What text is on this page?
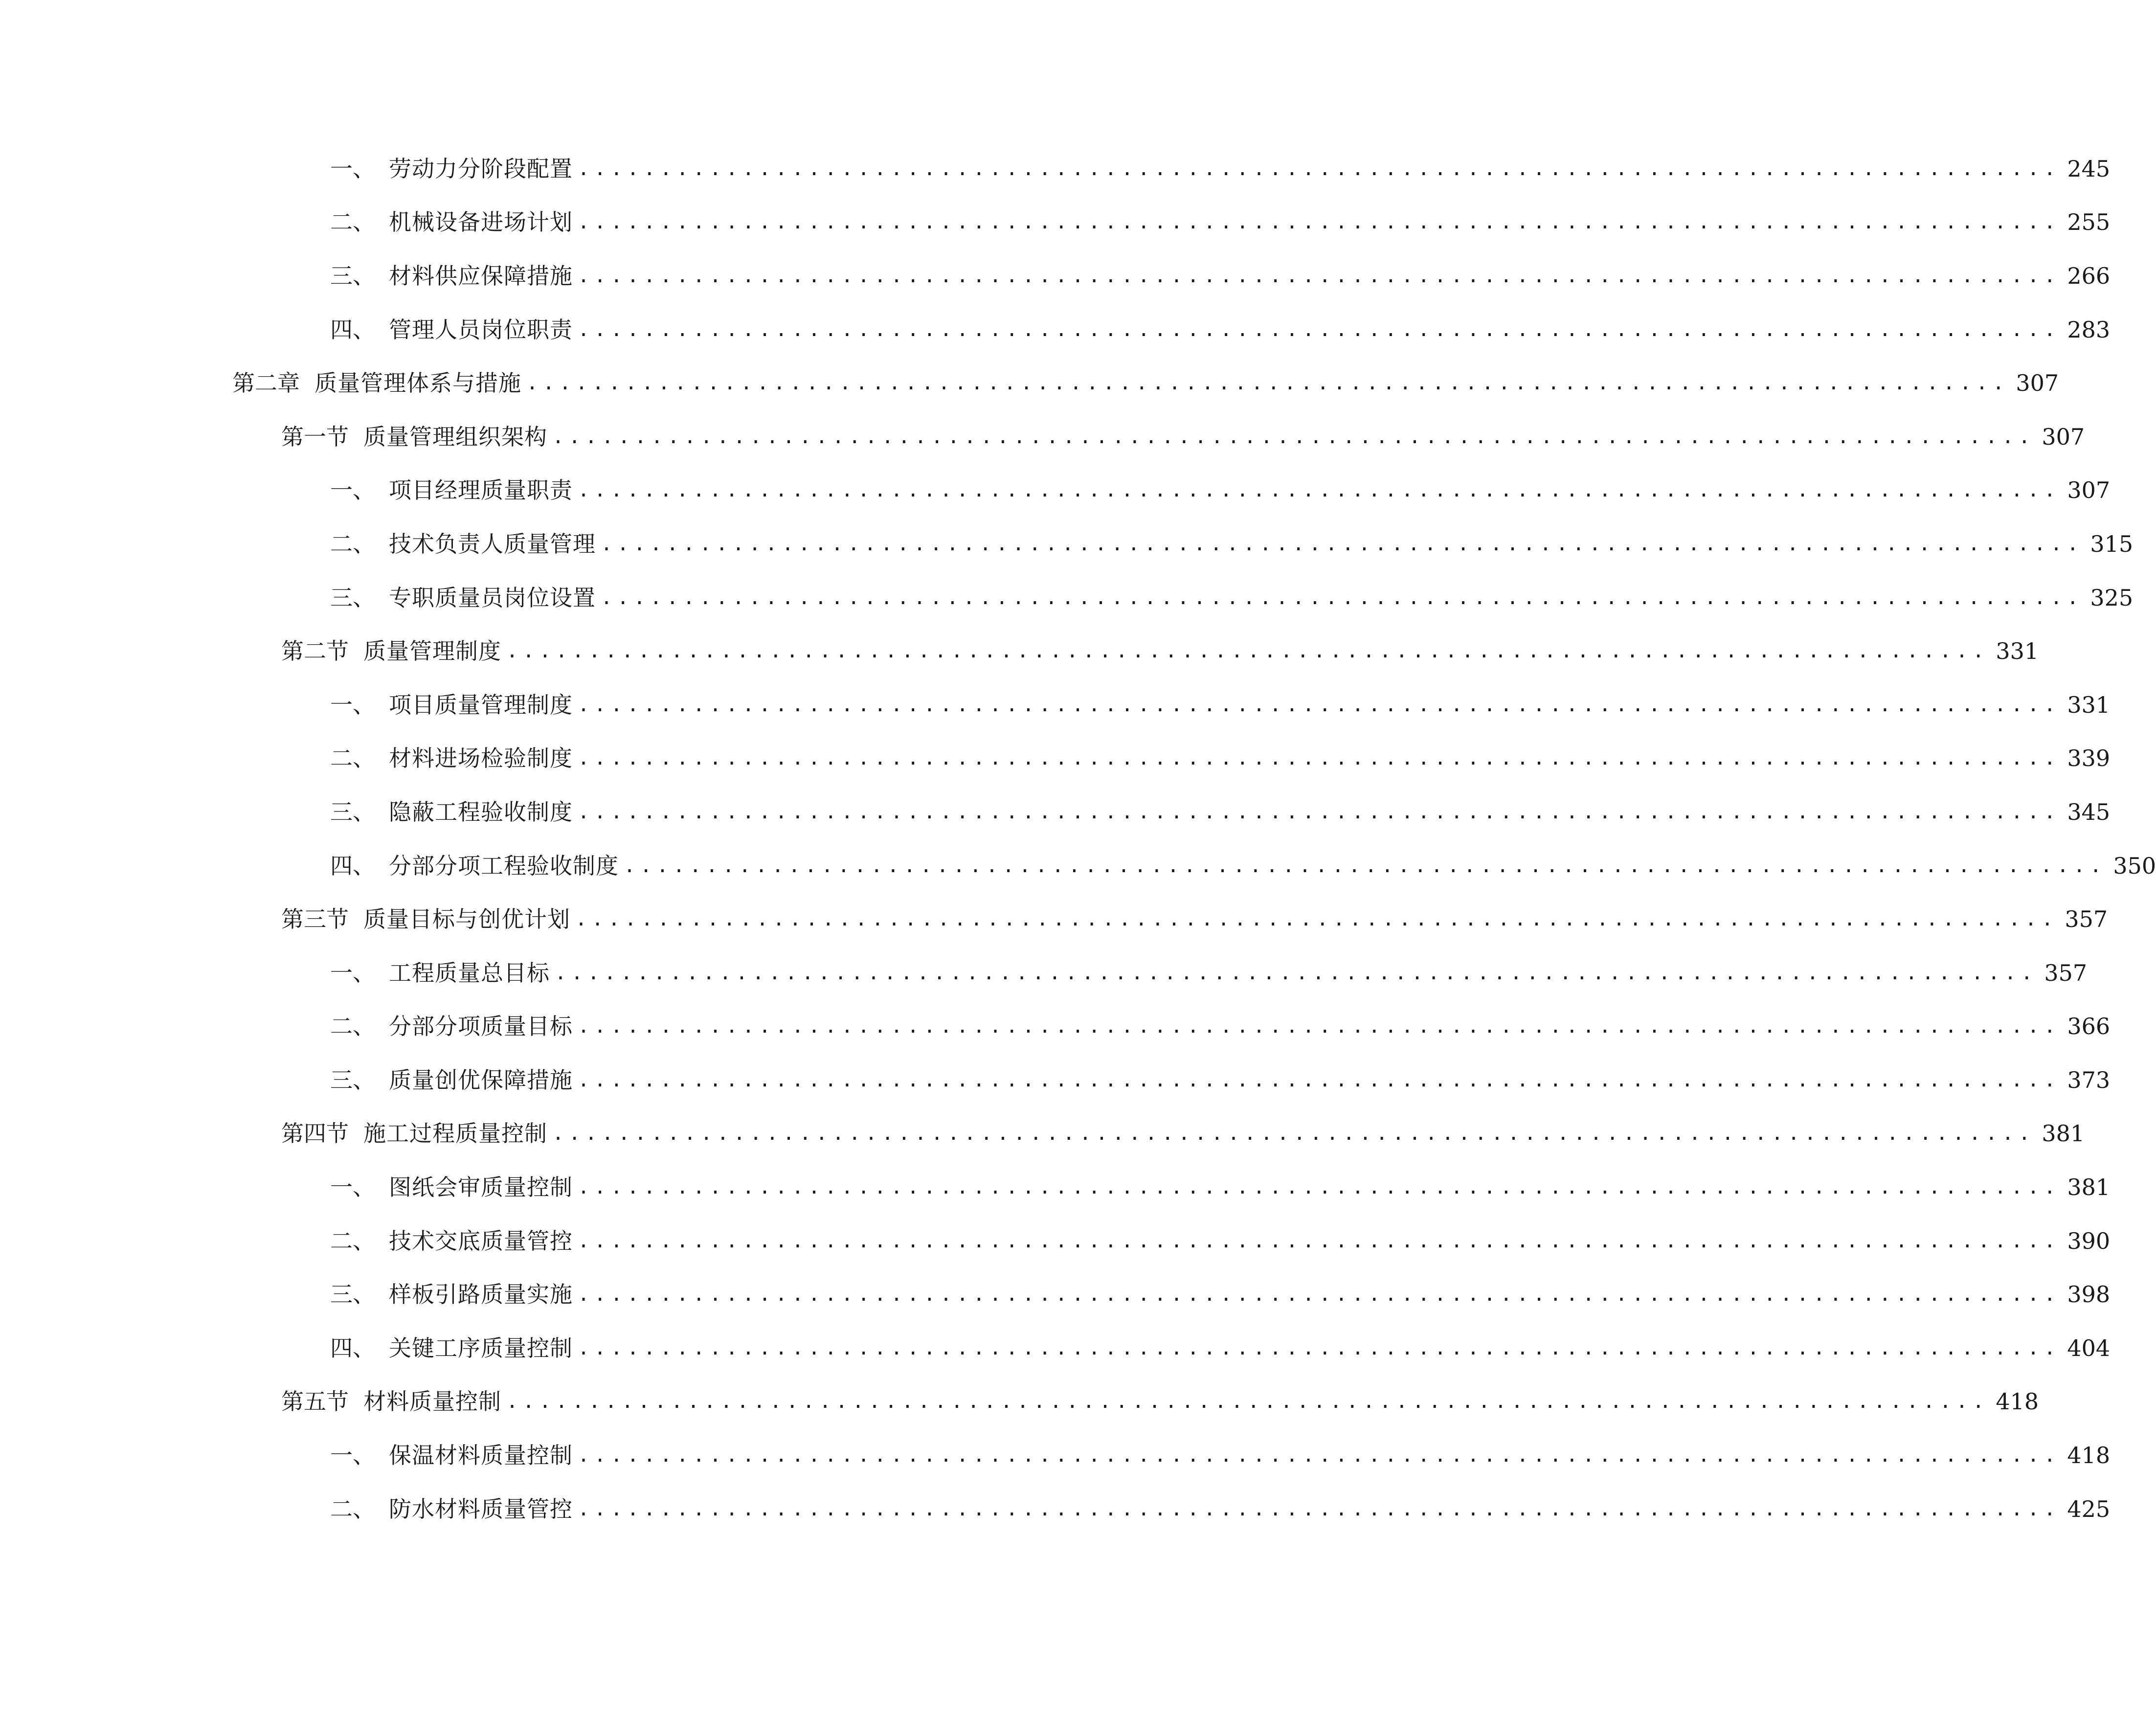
一、 劳动力分阶段配置 .......................................................................................... 245
二、 机械设备进场计划 .......................................................................................... 255
三、 材料供应保障措施 .......................................................................................... 266
四、 管理人员岗位职责 .......................................................................................... 283
第二章 质量管理体系与措施 .......................................................................................... 307
第一节 质量管理组织架构 .......................................................................................... 307
一、 项目经理质量职责 .......................................................................................... 307
二、 技术负责人质量管理 .......................................................................................... 315
三、 专职质量员岗位设置 .......................................................................................... 325
第二节 质量管理制度 .......................................................................................... 331
一、 项目质量管理制度 .......................................................................................... 331
二、 材料进场检验制度 .......................................................................................... 339
三、 隐蔽工程验收制度 .......................................................................................... 345
四、 分部分项工程验收制度 .......................................................................................... 350
第三节 质量目标与创优计划 .......................................................................................... 357
一、 工程质量总目标 .......................................................................................... 357
二、 分部分项质量目标 .......................................................................................... 366
三、 质量创优保障措施 .......................................................................................... 373
第四节 施工过程质量控制 .......................................................................................... 381
一、 图纸会审质量控制 .......................................................................................... 381
二、 技术交底质量管控 .......................................................................................... 390
三、 样板引路质量实施 .......................................................................................... 398
四、 关键工序质量控制 .......................................................................................... 404
第五节 材料质量控制 .......................................................................................... 418
一、 保温材料质量控制 .......................................................................................... 418
二、 防水材料质量管控 .......................................................................................... 425
